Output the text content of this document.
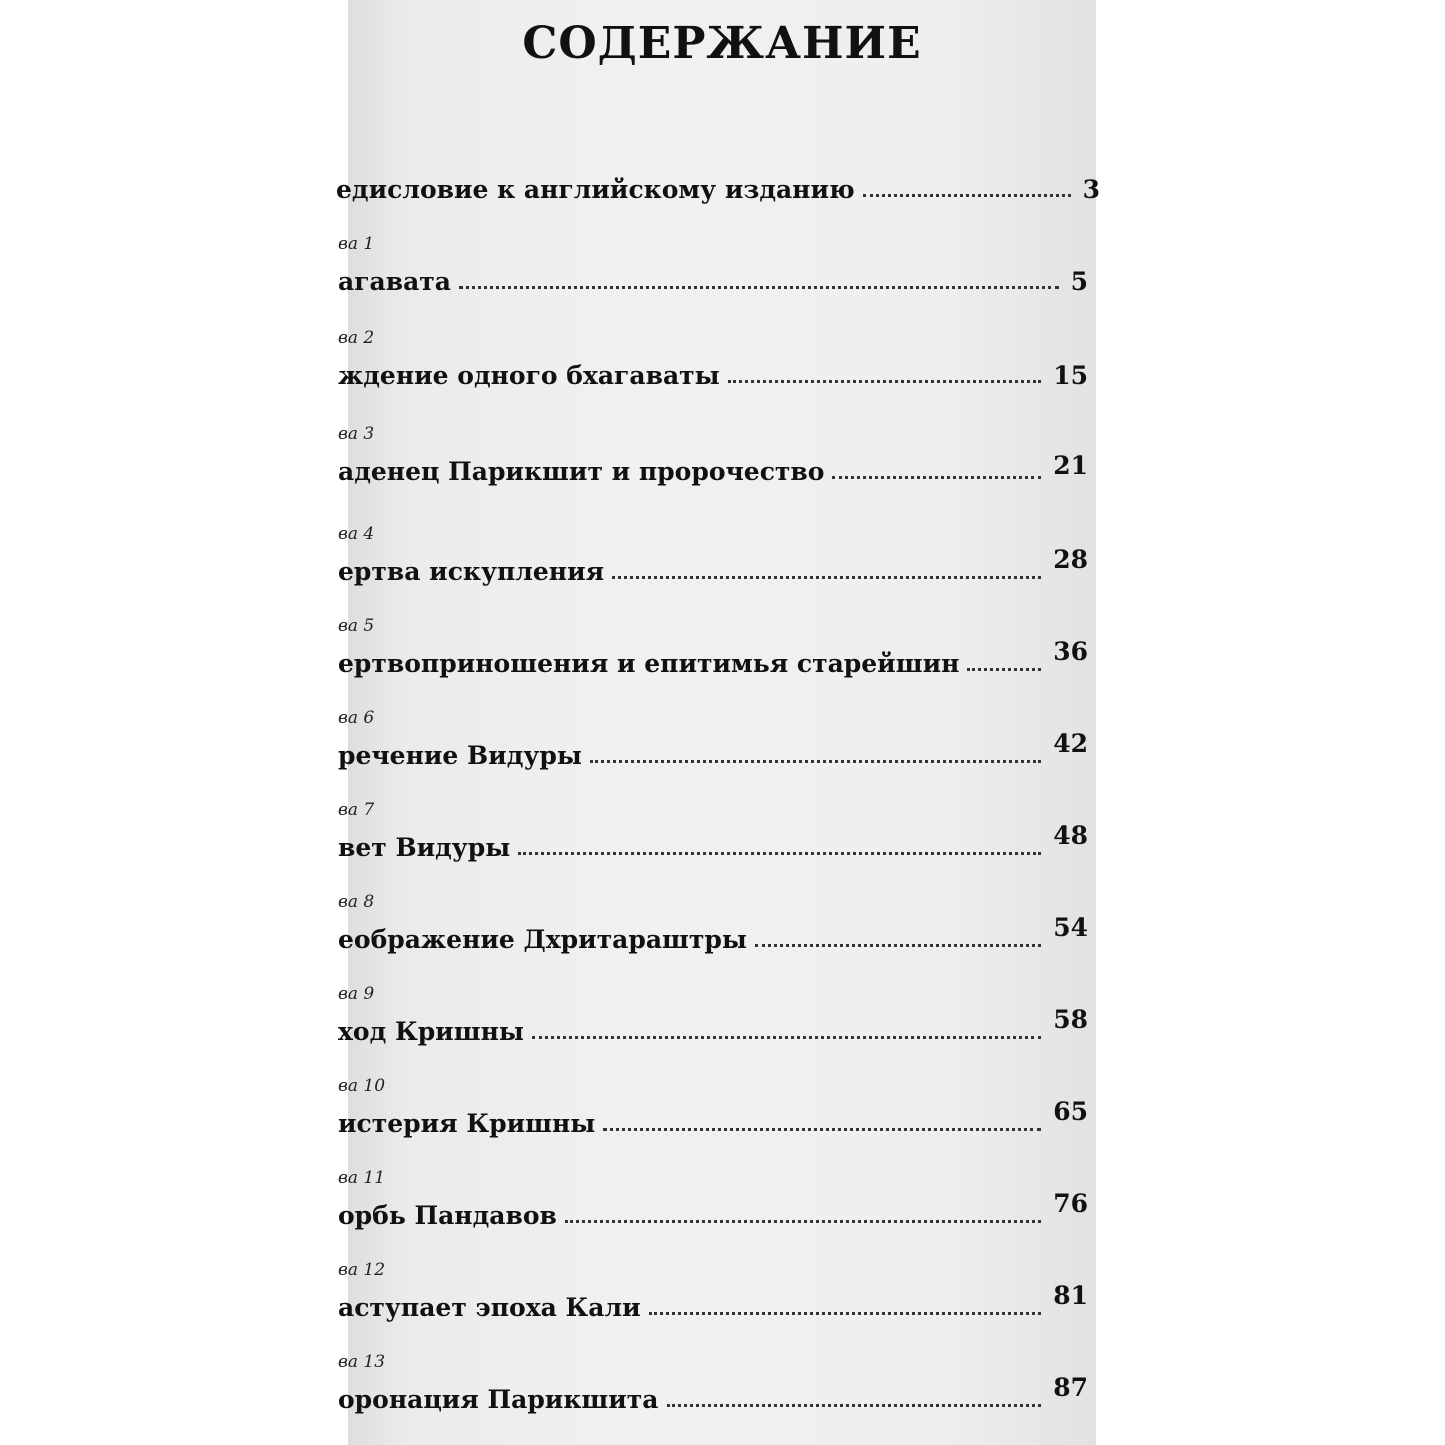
СОДЕРЖАНИЕ
едисловие к английскому изданию	3
ва 1
агавата	5
ва 2
ждение одного бхагаваты	15
ва 3
аденец Парикшит и пророчество	21
ва 4
ертва искупления	28
ва 5
ертвоприношения и епитимья старейшин	36
ва 6
речение Видуры	42
ва 7
вет Видуры	48
ва 8
еображение Дхритараштры	54
ва 9
ход Кришны	58
ва 10
истерия Кришны	65
ва 11
орбь Пандавов	76
ва 12
аступает эпоха Кали	81
ва 13
оронация Парикшита	87
